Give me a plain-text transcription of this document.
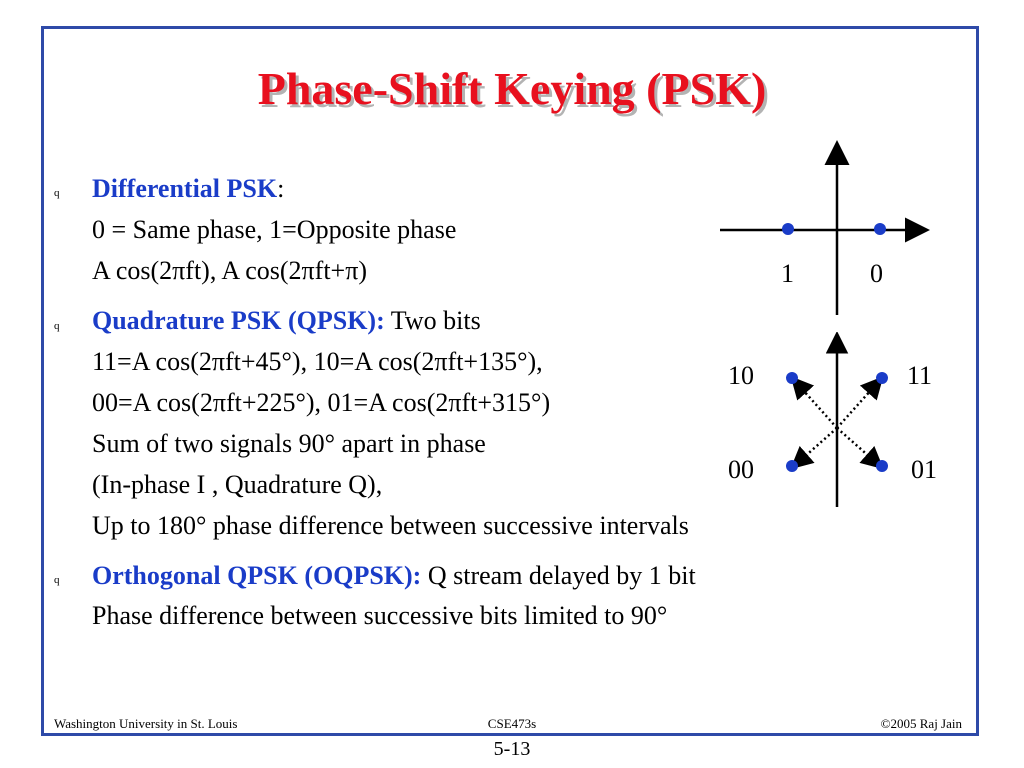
Phase-Shift Keying (PSK)
q Differential PSK:
0 = Same phase, 1=Opposite phase
A cos(2πft), A cos(2πft+π)
q Quadrature PSK (QPSK): Two bits
11=A cos(2πft+45°), 10=A cos(2πft+135°),
00=A cos(2πft+225°), 01=A cos(2πft+315°)
Sum of two signals 90° apart in phase
(In-phase I , Quadrature Q),
Up to 180° phase difference between successive intervals
q Orthogonal QPSK (OQPSK): Q stream delayed by 1 bit
Phase difference between successive bits limited to 90°
1	0
10	11
00	01
Washington University in St. Louis	CSE473s	©2005 Raj Jain
5-13
